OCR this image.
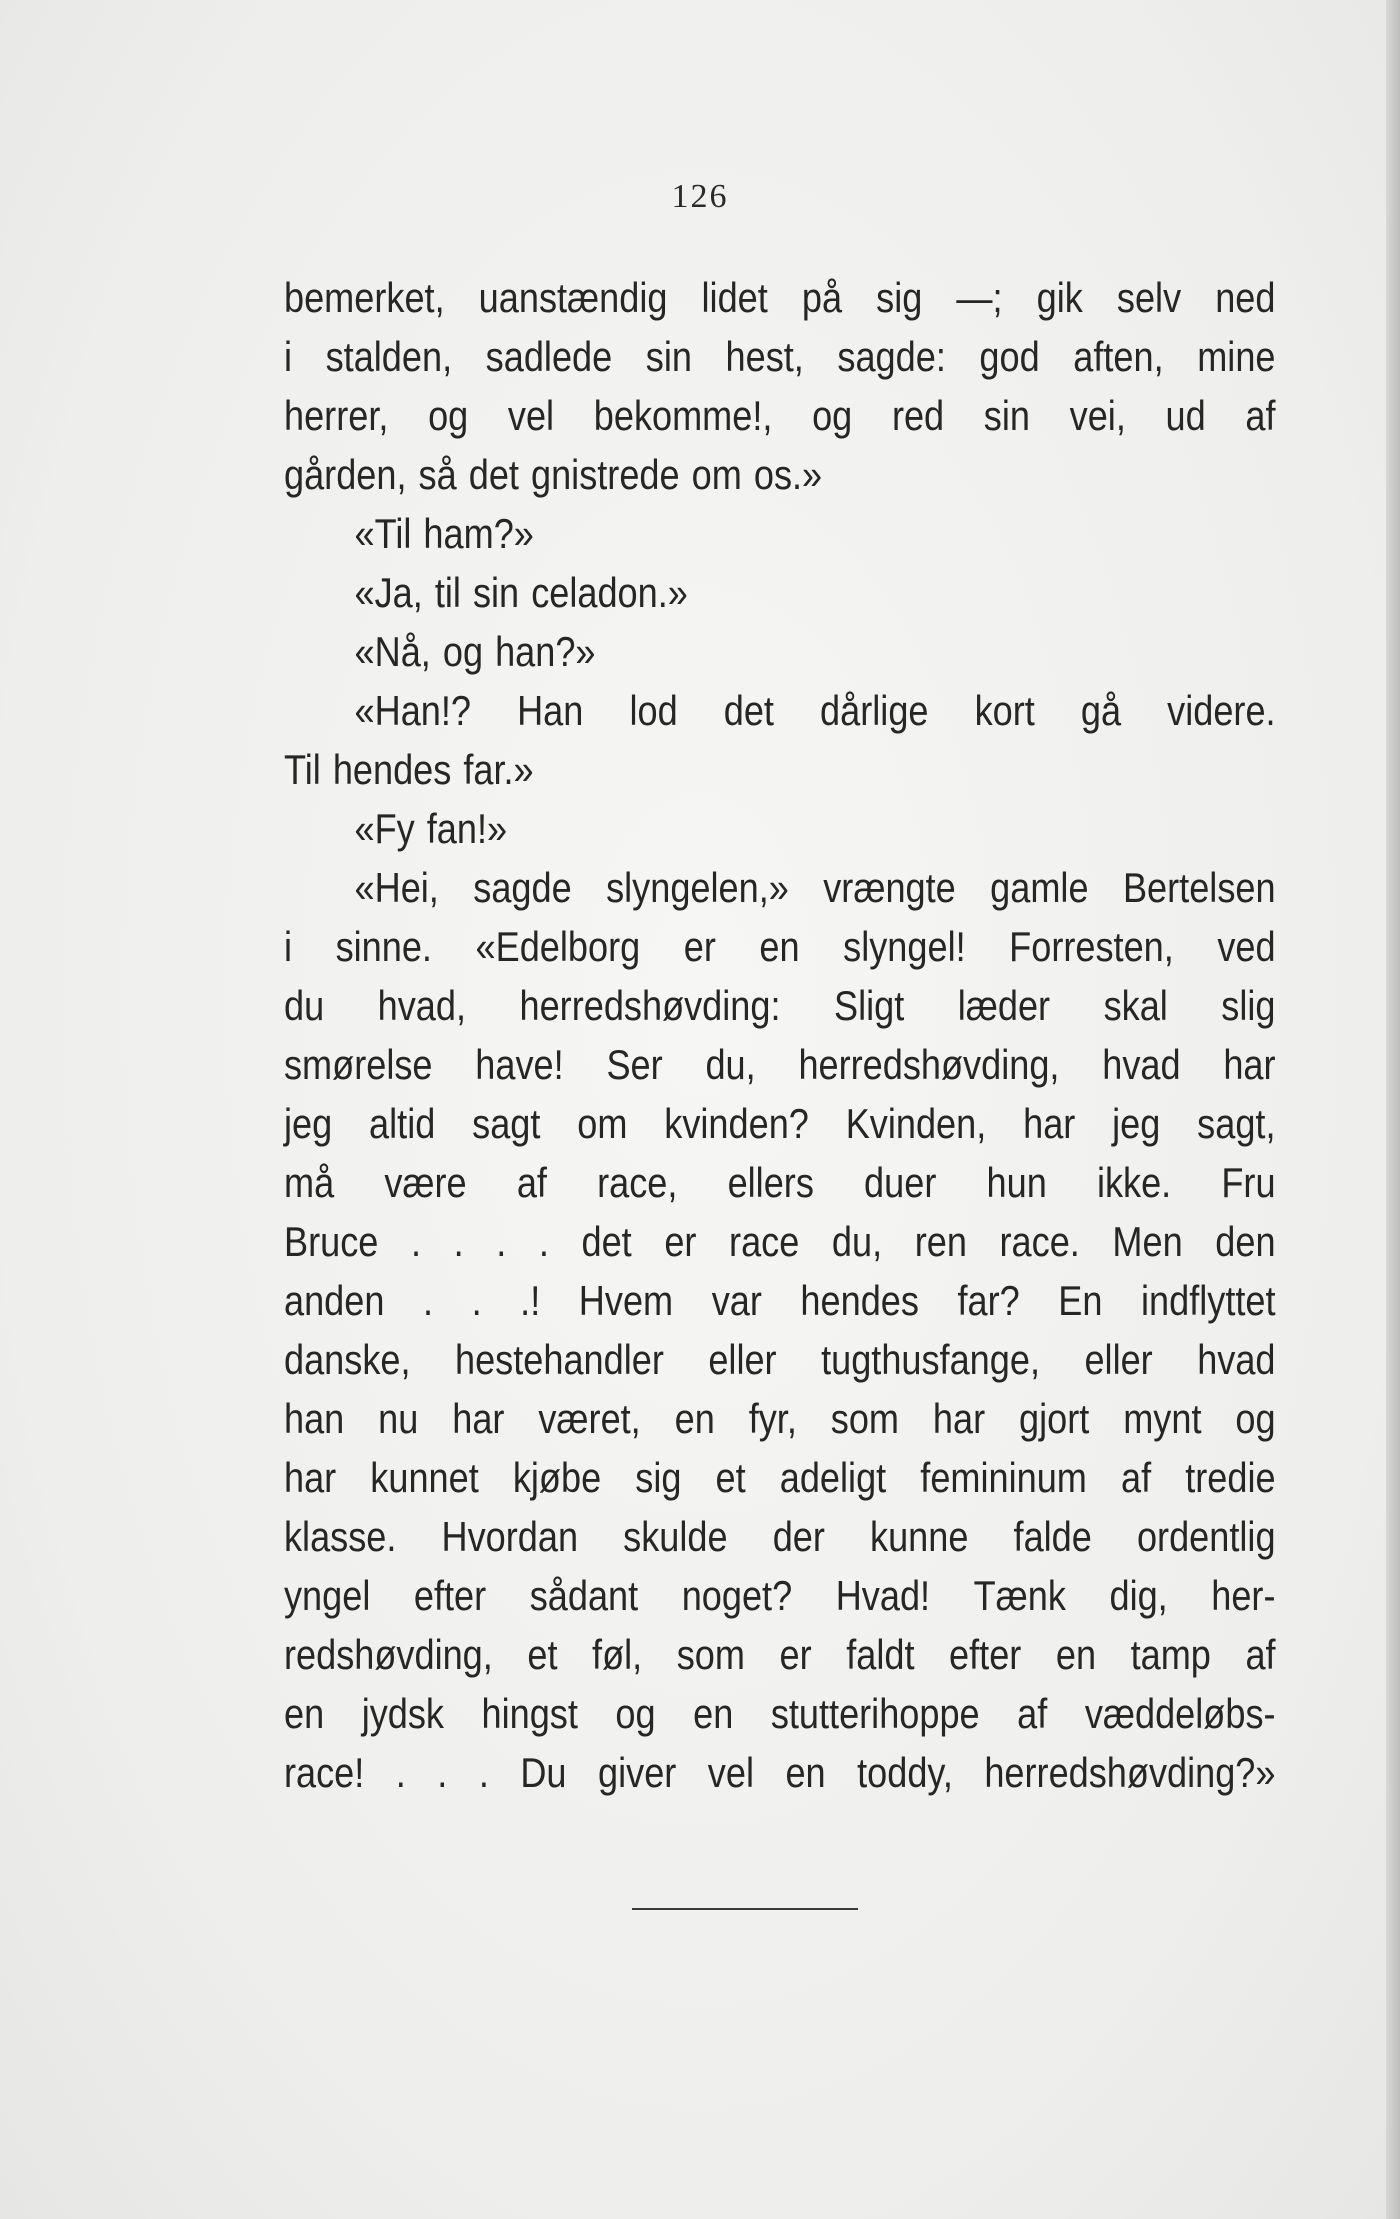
126
bemerket, uanstændig lidet på sig —; gik selv ned
i stalden, sadlede sin hest, sagde: god aften, mine
herrer, og vel bekomme!, og red sin vei, ud af
gården, så det gnistrede om os.»
«Til ham?»
«Ja, til sin celadon.»
«Nå, og han?»
«Han!? Han lod det dårlige kort gå videre.
Til hendes far.»
«Fy fan!»
«Hei, sagde slyngelen,» vrængte gamle Bertelsen
i sinne. «Edelborg er en slyngel! Forresten, ved
du hvad, herredshøvding: Sligt læder skal slig
smørelse have! Ser du, herredshøvding, hvad har
jeg altid sagt om kvinden? Kvinden, har jeg sagt,
må være af race, ellers duer hun ikke. Fru
Bruce . . . . det er race du, ren race. Men den
anden . . .! Hvem var hendes far? En indflyttet
danske, hestehandler eller tugthusfange, eller hvad
han nu har været, en fyr, som har gjort mynt og
har kunnet kjøbe sig et adeligt femininum af tredie
klasse. Hvordan skulde der kunne falde ordentlig
yngel efter sådant noget? Hvad! Tænk dig, her-
redshøvding, et føl, som er faldt efter en tamp af
en jydsk hingst og en stutterihoppe af væddeløbs-
race! . . . Du giver vel en toddy, herredshøvding?»
